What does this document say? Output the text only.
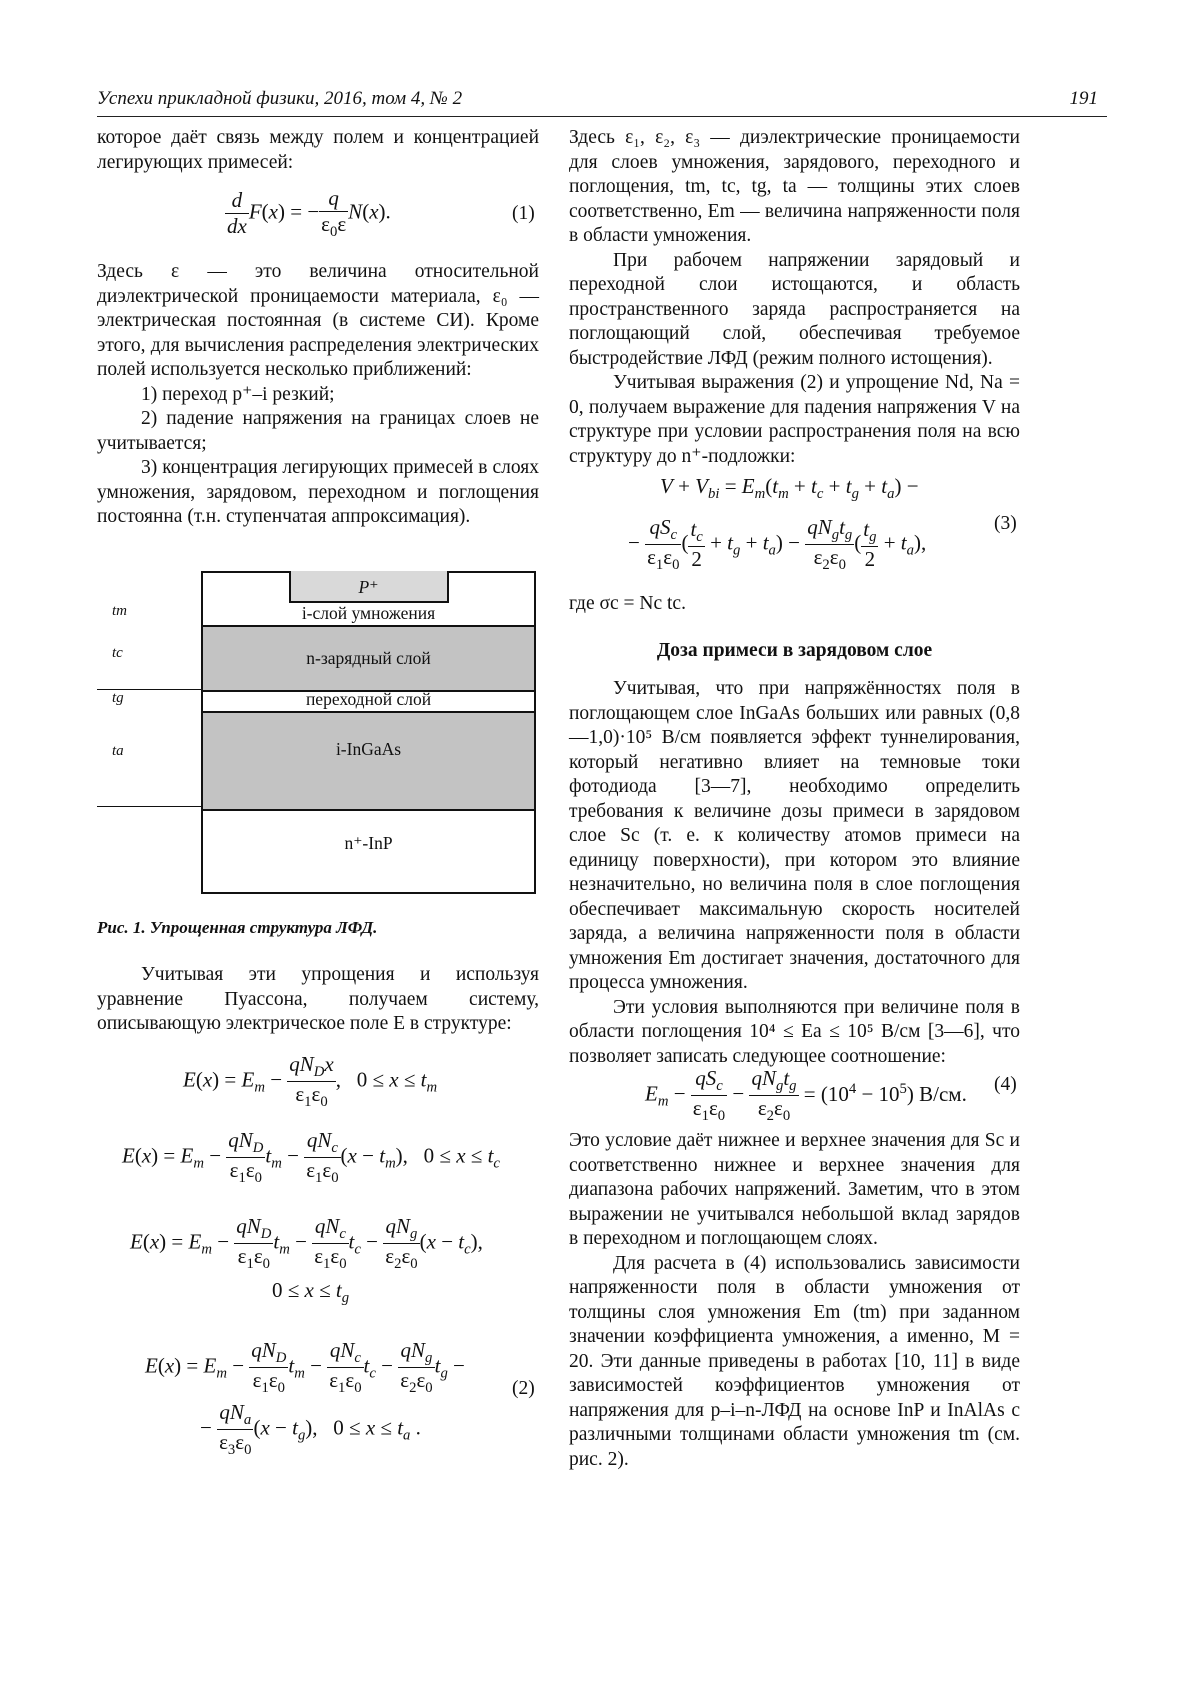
Успехи прикладной физики, 2016, том 4, № 2	191

которое даёт связь между полем и концентрацией легирующих примесей:

$\frac{d}{dx} F(x)$ = − $\frac{q}{\varepsilon_0\varepsilon} N(x)$.	(1)

Здесь ε — это величина относительной диэлектрической проницаемости материала, ε₀ — электрическая постоянная (в системе СИ). Кроме этого, для вычисления распределения электрических полей используется несколько приближений:

1) переход p⁺–i резкий;

2) падение напряжения на границах слоев не учитывается;

3) концентрация легирующих примесей в слоях умножения, зарядовом, переходном и поглощения постоянна (т.н. ступенчатая аппроксимация).

tm
tc
tg
ta
P⁺
i-слой умножения
n-зарядный слой
переходной слой
i-InGaAs
n⁺-InP
Рис. 1. Упрощенная структура ЛФД.

Учитывая эти упрощения и используя уравнение Пуассона, получаем систему, описывающую электрическое поле E в структуре:

$E(x) = E_m - \frac{qN_Dx}{\varepsilon_1\varepsilon_0}$ ,   $0 \le x \le t_m$
$E(x) = E_m - \frac{qN_D}{\varepsilon_1\varepsilon_0} t_m - \frac{qN_c}{\varepsilon_1\varepsilon_0} (x - t_m)$,   $0 \le x \le t_c$
$E(x) = E_m - \frac{qN_D}{\varepsilon_1\varepsilon_0} t_m - \frac{qN_c}{\varepsilon_1\varepsilon_0} t_c - \frac{qN_g}{\varepsilon_2\varepsilon_0} (x - t_c)$,
$0 \le x \le t_g$
$E(x) = E_m - \frac{qN_D}{\varepsilon_1\varepsilon_0} t_m - \frac{qN_c}{\varepsilon_1\varepsilon_0} t_c - \frac{qN_g}{\varepsilon_2\varepsilon_0} t_g$ −
− $\frac{qN_a}{\varepsilon_3\varepsilon_0} (x - t_g)$,   $0 \le x \le t_a$ .
(2)

Здесь ε₁, ε₂, ε₃ — диэлектрические проницаемости для слоев умножения, зарядового, переходного и поглощения, tm, tc, tg, ta — толщины этих слоев соответственно, Em — величина напряженности поля в области умножения.

При рабочем напряжении зарядовый и переходной слои истощаются, и область пространственного заряда распространяется на поглощающий слой, обеспечивая требуемое быстродействие ЛФД (режим полного истощения).

Учитывая выражения (2) и упрощение Nd, Na = 0, получаем выражение для падения напряжения V на структуре при условии распространения поля на всю структуру до n⁺-подложки:

$V + V_{bi} = E_m(t_m + t_c + t_g + t_a)$ −
− $\frac{qS_c}{\varepsilon_1\varepsilon_0}$ ( $\frac{t_c}{2} + t_g + t_a) - \frac{qN_gt_g}{\varepsilon_2\varepsilon_0}$ ( $\frac{t_g}{2} + t_a$),
(3)

где σc = Nc tc.

Доза примеси в зарядовом слое

Учитывая, что при напряжённостях поля в поглощающем слое InGaAs больших или равных (0,8—1,0)·10⁵ В/см появляется эффект туннелирования, который негативно влияет на темновые токи фотодиода [3—7], необходимо определить требования к величине дозы примеси в зарядовом слое Sc (т. е. к количеству атомов примеси на единицу поверхности), при котором это влияние незначительно, но величина поля в слое поглощения обеспечивает максимальную скорость носителей заряда, а величина напряженности поля в области умножения Em достигает значения, достаточного для процесса умножения.

Эти условия выполняются при величине поля в области поглощения 10⁴ ≤ Ea ≤ 10⁵ В/см [3—6], что позволяет записать следующее соотношение:

$E_m - \frac{qS_c}{\varepsilon_1\varepsilon_0} - \frac{qN_gt_g}{\varepsilon_2\varepsilon_0} = (10^4 - 10^5)$ В/см. (4)

Это условие даёт нижнее и верхнее значения для Sc и соответственно нижнее и верхнее значения для диапазона рабочих напряжений. Заметим, что в этом выражении не учитывался небольшой вклад зарядов в переходном и поглощающем слоях.

Для расчета в (4) использовались зависимости напряженности поля в области умножения от толщины слоя умножения Em (tm) при заданном значении коэффициента умножения, а именно, M = 20. Эти данные приведены в работах [10, 11] в виде зависимостей коэффициентов умножения от напряжения для p–i–n-ЛФД на основе InP и InAlAs с различными толщинами области умножения tm (см. рис. 2).
